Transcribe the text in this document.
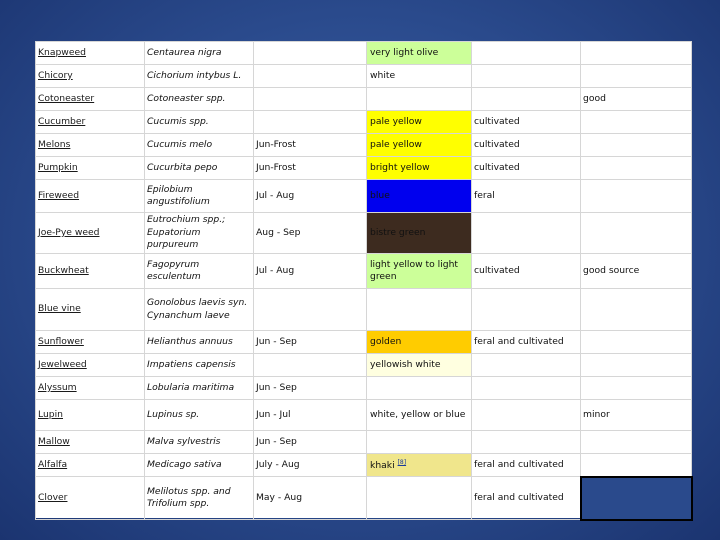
Knapweed	Centaurea nigra		very light olive		
Chicory	Cichorium intybus L.		white		
Cotoneaster	Cotoneaster spp.				good
Cucumber	Cucumis spp.		pale yellow	cultivated	
Melons	Cucumis melo	Jun-Frost	pale yellow	cultivated	
Pumpkin	Cucurbita pepo	Jun-Frost	bright yellow	cultivated	
Fireweed	Epilobium angustifolium	Jul - Aug	blue	feral	
Joe-Pye weed	Eutrochium spp.; Eupatorium purpureum	Aug - Sep	bistre green		
Buckwheat	Fagopyrum esculentum	Jul - Aug	light yellow to light green	cultivated	good source
Blue vine	Gonolobus laevis syn. Cynanchum laeve				
Sunflower	Helianthus annuus	Jun - Sep	golden	feral and cultivated	
Jewelweed	Impatiens capensis		yellowish white		
Alyssum	Lobularia maritima	Jun - Sep			
Lupin	Lupinus sp.	Jun - Jul	white, yellow or blue		minor
Mallow	Malva sylvestris	Jun - Sep			
Alfalfa	Medicago sativa	July - Aug	khaki [8]	feral and cultivated	
Clover	Melilotus spp. and Trifolium spp.	May - Aug		feral and cultivated	
